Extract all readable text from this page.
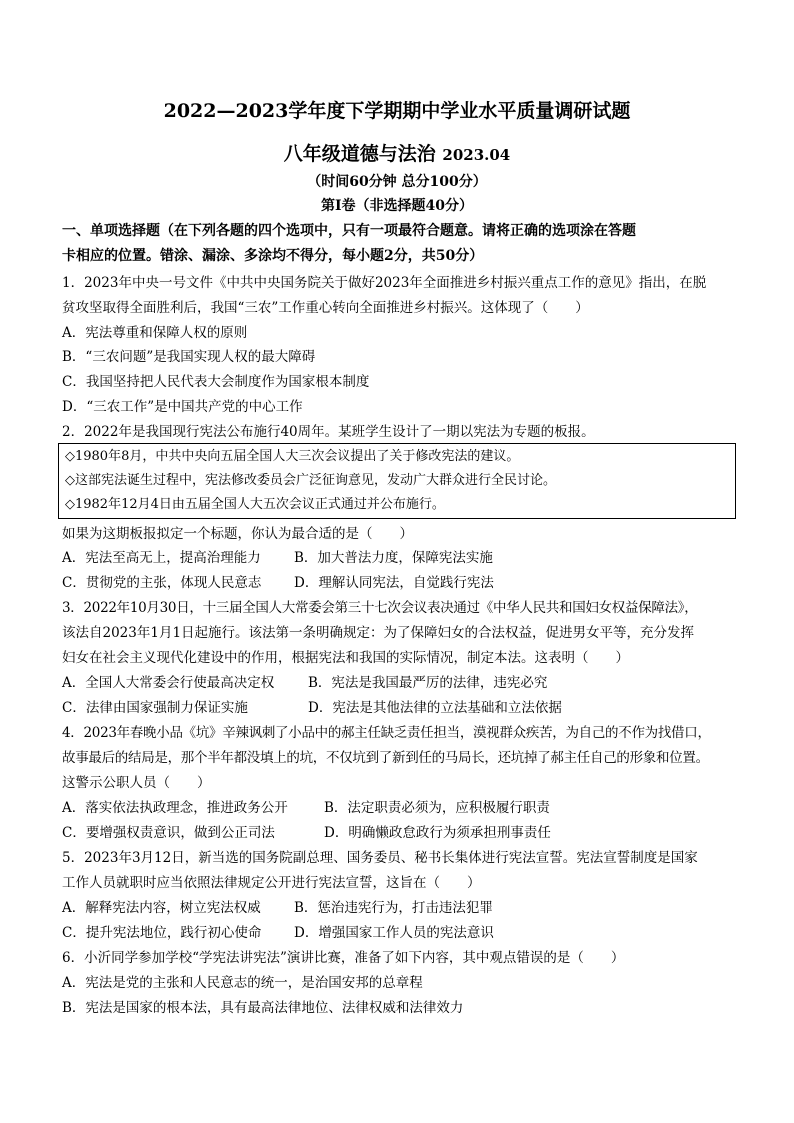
2022—2023学年度下学期期中学业水平质量调研试题
八年级道德与法治 2023.04
（时间60分钟 总分100分）
第Ⅰ卷（非选择题40分）
一、单项选择题（在下列各题的四个选项中，只有一项最符合题意。请将正确的选项涂在答题
卡相应的位置。错涂、漏涂、多涂均不得分，每小题2分，共50分）
1．2023年中央一号文件《中共中央国务院关于做好2023年全面推进乡村振兴重点工作的意见》指出，在脱
贫攻坚取得全面胜利后，我国“三农”工作重心转向全面推进乡村振兴。这体现了（　　）
A．宪法尊重和保障人权的原则
B．“三农问题”是我国实现人权的最大障碍
C．我国坚持把人民代表大会制度作为国家根本制度
D．“三农工作”是中国共产党的中心工作
2．2022年是我国现行宪法公布施行40周年。某班学生设计了一期以宪法为专题的板报。
◇1980年8月，中共中央向五届全国人大三次会议提出了关于修改宪法的建议。
◇这部宪法诞生过程中，宪法修改委员会广泛征询意见，发动广大群众进行全民讨论。
◇1982年12月4日由五届全国人大五次会议正式通过并公布施行。
如果为这期板报拟定一个标题，你认为最合适的是（　　）
A．宪法至高无上，提高治理能力 B．加大普法力度，保障宪法实施
C．贯彻党的主张，体现人民意志 D．理解认同宪法，自觉践行宪法
3．2022年10月30日，十三届全国人大常委会第三十七次会议表决通过《中华人民共和国妇女权益保障法》，
该法自2023年1月1日起施行。该法第一条明确规定：为了保障妇女的合法权益，促进男女平等，充分发挥
妇女在社会主义现代化建设中的作用，根据宪法和我国的实际情况，制定本法。这表明（　　）
A．全国人大常委会行使最高决定权	B．宪法是我国最严厉的法律，违宪必究
C．法律由国家强制力保证实施	D．宪法是其他法律的立法基础和立法依据
4．2023年春晚小品《坑》辛辣讽刺了小品中的郝主任缺乏责任担当，漠视群众疾苦，为自己的不作为找借口，
故事最后的结局是，那个半年都没填上的坑，不仅坑到了新到任的马局长，还坑掉了郝主任自己的形象和位置。
这警示公职人员（　　）
A．落实依法执政理念，推进政务公开	B．法定职责必须为，应积极履行职责
C．要增强权责意识，做到公正司法	D．明确懒政怠政行为须承担刑事责任
5．2023年3月12日，新当选的国务院副总理、国务委员、秘书长集体进行宪法宣誓。宪法宣誓制度是国家
工作人员就职时应当依照法律规定公开进行宪法宣誓，这旨在（　　）
A．解释宪法内容，树立宪法权威 B．惩治违宪行为，打击违法犯罪
C．提升宪法地位，践行初心使命 D．增强国家工作人员的宪法意识
6．小沂同学参加学校“学宪法讲宪法”演讲比赛，准备了如下内容，其中观点错误的是（　　）
A．宪法是党的主张和人民意志的统一，是治国安邦的总章程
B．宪法是国家的根本法，具有最高法律地位、法律权威和法律效力
